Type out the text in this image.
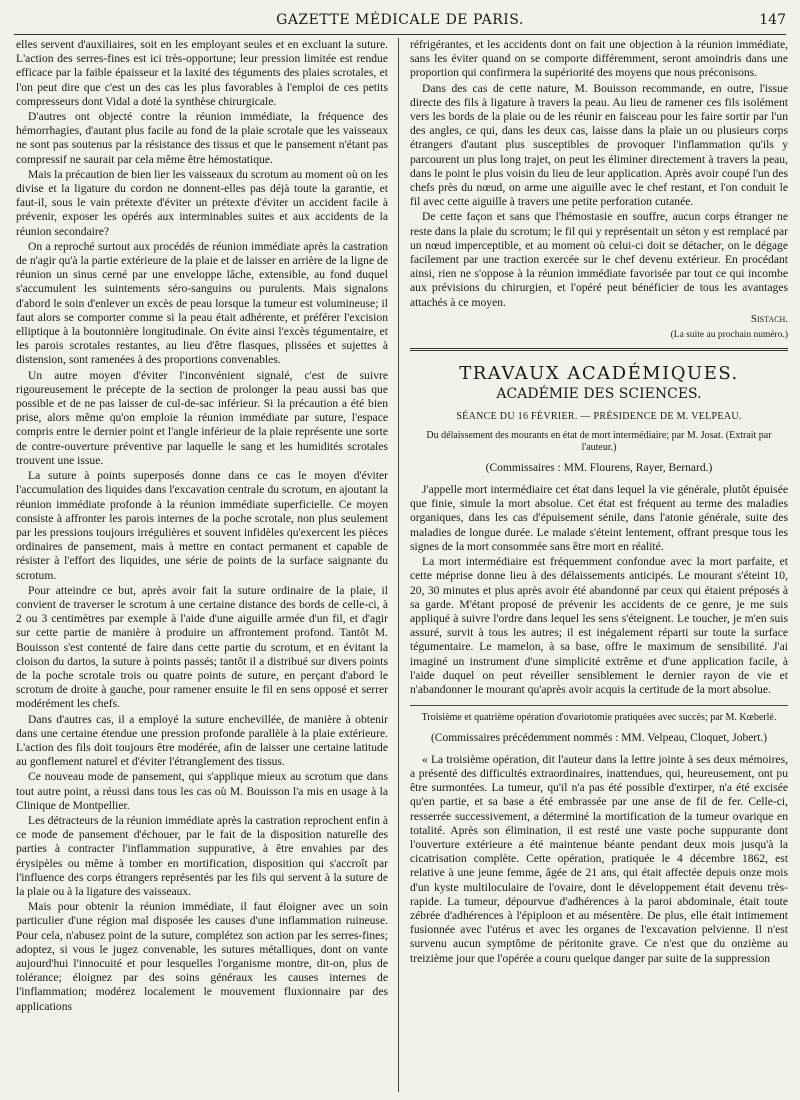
GAZETTE MÉDICALE DE PARIS.	147

elles servent d'auxiliaires, soit en les employant seules et en excluant la suture. L'action des serres-fines est ici très-opportune; leur pression limitée est rendue efficace par la faible épaisseur et la laxité des téguments des plaies scrotales, et l'on peut dire que c'est un des cas les plus favorables à l'emploi de ces petits compresseurs dont Vidal a doté la synthèse chirurgicale.

D'autres ont objecté contre la réunion immédiate, la fréquence des hémorrhagies, d'autant plus facile au fond de la plaie scrotale que les vaisseaux ne sont pas soutenus par la résistance des tissus et que le pansement n'étant pas compressif ne saurait par cela même être hémostatique.

Mais la précaution de bien lier les vaisseaux du scrotum au moment où on les divise et la ligature du cordon ne donnent-elles pas déjà toute la garantie, et faut-il, sous le vain prétexte d'éviter un prétexte d'éviter un accident facile à prévenir, exposer les opérés aux interminables suites et aux accidents de la réunion secondaire?

On a reproché surtout aux procédés de réunion immédiate après la castration de n'agir qu'à la partie extérieure de la plaie et de laisser en arrière de la ligne de réunion un sinus cerné par une enveloppe lâche, extensible, au fond duquel s'accumulent les suintements séro-sanguins ou purulents. Mais signalons d'abord le soin d'enlever un excès de peau lorsque la tumeur est volumineuse; il faut alors se comporter comme si la peau était adhérente, et préférer l'excision elliptique à la boutonnière longitudinale. On évite ainsi l'excès tégumentaire, et les parois scrotales restantes, au lieu d'être flasques, plissées et sujettes à distension, sont ramenées à des proportions convenables.

Un autre moyen d'éviter l'inconvénient signalé, c'est de suivre rigoureusement le précepte de la section de prolonger la peau aussi bas que possible et de ne pas laisser de cul-de-sac inférieur. Si la précaution a été bien prise, alors même qu'on emploie la réunion immédiate par suture, l'espace compris entre le dernier point et l'angle inférieur de la plaie représente une sorte de contre-ouverture préventive par laquelle le sang et les humidités scrotales trouvent une issue.

La suture à points superposés donne dans ce cas le moyen d'éviter l'accumulation des liquides dans l'excavation centrale du scrotum, en ajoutant la réunion immédiate profonde à la réunion immédiate superficielle. Ce moyen consiste à affronter les parois internes de la poche scrotale, non plus seulement par les pressions toujours irrégulières et souvent infidèles qu'exercent les pièces ordinaires de pansement, mais à mettre en contact permanent et capable de résister à l'effort des liquides, une série de points de la surface saignante du scrotum.

Pour atteindre ce but, après avoir fait la suture ordinaire de la plaie, il convient de traverser le scrotum à une certaine distance des bords de celle-ci, à 2 ou 3 centimètres par exemple à l'aide d'une aiguille armée d'un fil, et d'agir sur cette partie de manière à produire un affrontement profond. Tantôt M. Bouisson s'est contenté de faire dans cette partie du scrotum, et en évitant la cloison du dartos, la suture à points passés; tantôt il a distribué sur divers points de la poche scrotale trois ou quatre points de suture, en perçant d'abord le scrotum de droite à gauche, pour ramener ensuite le fil en sens opposé et serrer modérément les chefs.

Dans d'autres cas, il a employé la suture enchevillée, de manière à obtenir dans une certaine étendue une pression profonde parallèle à la plaie extérieure. L'action des fils doit toujours être modérée, afin de laisser une certaine latitude au gonflement naturel et d'éviter l'étranglement des tissus.

Ce nouveau mode de pansement, qui s'applique mieux au scrotum que dans tout autre point, a réussi dans tous les cas où M. Bouisson l'a mis en usage à la Clinique de Montpellier.

Les détracteurs de la réunion immédiate après la castration reprochent enfin à ce mode de pansement d'échouer, par le fait de la disposition naturelle des parties à contracter l'inflammation suppurative, à être envahies par des érysipèles ou même à tomber en mortification, disposition qui s'accroît par l'influence des corps étrangers représentés par les fils qui servent à la suture de la plaie ou à la ligature des vaisseaux.

Mais pour obtenir la réunion immédiate, il faut éloigner avec un soin particulier d'une région mal disposée les causes d'une inflammation ruineuse. Pour cela, n'abusez point de la suture, complétez son action par les serres-fines; adoptez, si vous le jugez convenable, les sutures métalliques, dont on vante aujourd'hui l'innocuité et pour lesquelles l'organisme montre, dit-on, plus de tolérance; éloignez par des soins généraux les causes internes de l'inflammation; modérez localement le mouvement fluxionnaire par des applications

réfrigérantes, et les accidents dont on fait une objection à la réunion immédiate, sans les éviter quand on se comporte différemment, seront amoindris dans une proportion qui confirmera la supériorité des moyens que nous préconisons.

Dans des cas de cette nature, M. Bouisson recommande, en outre, l'issue directe des fils à ligature à travers la peau. Au lieu de ramener ces fils isolément vers les bords de la plaie ou de les réunir en faisceau pour les faire sortir par l'un des angles, ce qui, dans les deux cas, laisse dans la plaie un ou plusieurs corps étrangers d'autant plus susceptibles de provoquer l'inflammation qu'ils y parcourent un plus long trajet, on peut les éliminer directement à travers la peau, dans le point le plus voisin du lieu de leur application. Après avoir coupé l'un des chefs près du nœud, on arme une aiguille avec le chef restant, et l'on conduit le fil avec cette aiguille à travers une petite perforation cutanée.

De cette façon et sans que l'hémostasie en souffre, aucun corps étranger ne reste dans la plaie du scrotum; le fil qui y représentait un séton y est remplacé par un nœud imperceptible, et au moment où celui-ci doit se détacher, on le dégage facilement par une traction exercée sur le chef devenu extérieur. En procédant ainsi, rien ne s'oppose à la réunion immédiate favorisée par tout ce qui incombe aux prévisions du chirurgien, et l'opéré peut bénéficier de tous les avantages attachés à ce moyen.

Sistach.
(La suite au prochain numéro.)
TRAVAUX ACADÉMIQUES.
ACADÉMIE DES SCIENCES.
SÉANCE DU 16 FÉVRIER. — PRÉSIDENCE DE M. VELPEAU.
Du délaissement des mourants en état de mort intermédiaire; par M. Josat. (Extrait par l'auteur.)
(Commissaires : MM. Flourens, Rayer, Bernard.)

J'appelle mort intermédiaire cet état dans lequel la vie générale, plutôt épuisée que finie, simule la mort absolue. Cet état est fréquent au terme des maladies organiques, dans les cas d'épuisement sénile, dans l'atonie générale, suite des maladies de longue durée. Le malade s'éteint lentement, offrant presque tous les signes de la mort consommée sans être mort en réalité.

La mort intermédiaire est fréquemment confondue avec la mort parfaite, et cette méprise donne lieu à des délaissements anticipés. Le mourant s'éteint 10, 20, 30 minutes et plus après avoir été abandonné par ceux qui étaient préposés à sa garde. M'étant proposé de prévenir les accidents de ce genre, je me suis appliqué à suivre l'ordre dans lequel les sens s'éteignent. Le toucher, je m'en suis assuré, survit à tous les autres; il est inégalement réparti sur toute la surface tégumentaire. Le mamelon, à sa base, offre le maximum de sensibilité. J'ai imaginé un instrument d'une simplicité extrême et d'une application facile, à l'aide duquel on peut réveiller sensiblement le dernier rayon de vie et n'abandonner le mourant qu'après avoir acquis la certitude de la mort absolue.

Troisième et quatrième opération d'ovariotomie pratiquées avec succès; par M. Kœberlé.
(Commissaires précédemment nommés : MM. Velpeau, Cloquet, Jobert.)

« La troisième opération, dit l'auteur dans la lettre jointe à ses deux mémoires, a présenté des difficultés extraordinaires, inattendues, qui, heureusement, ont pu être surmontées. La tumeur, qu'il n'a pas été possible d'extirper, n'a été excisée qu'en partie, et sa base a été embrassée par une anse de fil de fer. Celle-ci, resserrée successivement, a déterminé la mortification de la tumeur ovarique en totalité. Après son élimination, il est resté une vaste poche suppurante dont l'ouverture extérieure a été maintenue béante pendant deux mois jusqu'à la cicatrisation complète. Cette opération, pratiquée le 4 décembre 1862, est relative à une jeune femme, âgée de 21 ans, qui était affectée depuis onze mois d'un kyste multiloculaire de l'ovaire, dont le développement était devenu très-rapide. La tumeur, dépourvue d'adhérences à la paroi abdominale, était toute zébrée d'adhérences à l'épiploon et au mésentère. De plus, elle était intimement fusionnée avec l'utérus et avec les organes de l'excavation pelvienne. Il n'est survenu aucun symptôme de péritonite grave. Ce n'est que du onzième au treizième jour que l'opérée a couru quelque danger par suite de la suppression
